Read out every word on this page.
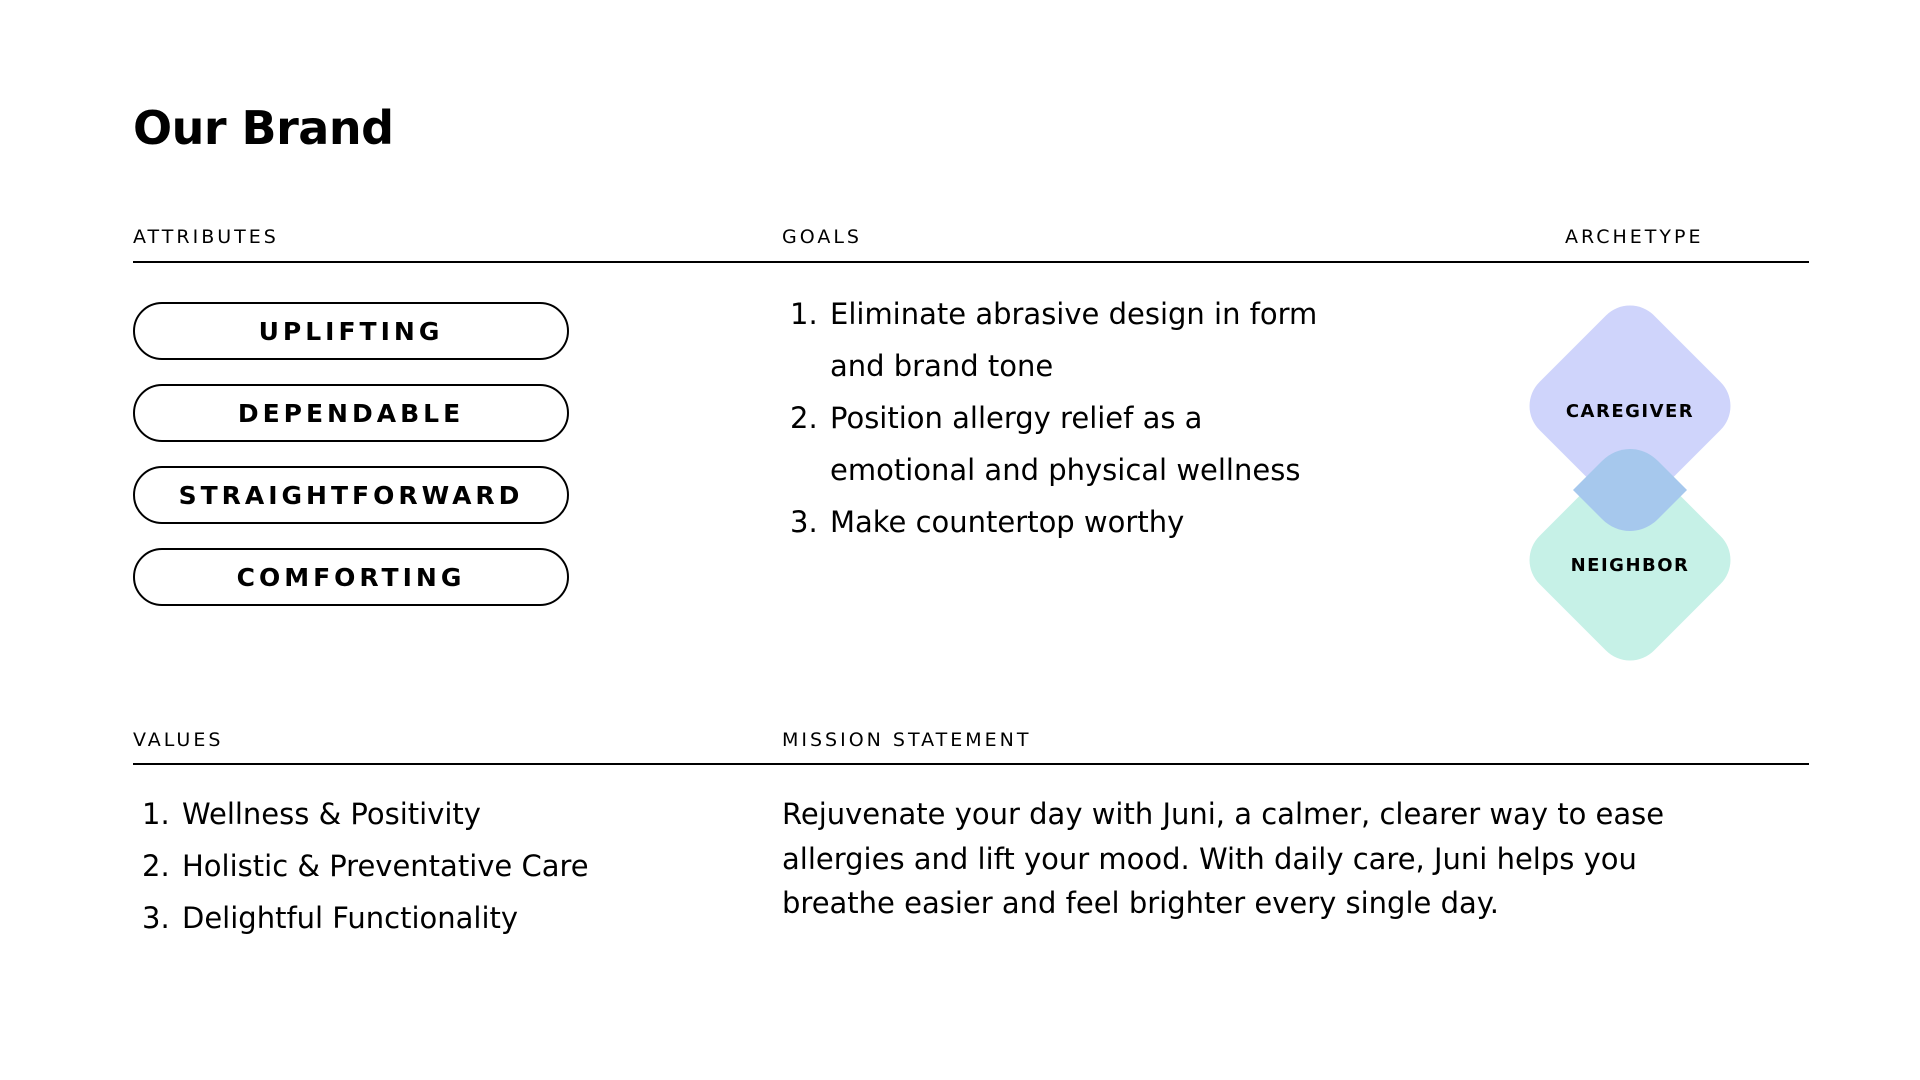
Our Brand
ATTRIBUTES	GOALS	ARCHETYPE
UPLIFTING
DEPENDABLE
STRAIGHTFORWARD
COMFORTING
1. Eliminate abrasive design in form and brand tone
2. Position allergy relief as a emotional and physical wellness
3. Make countertop worthy
CAREGIVER
NEIGHBOR
VALUES	MISSION STATEMENT
1. Wellness & Positivity
2. Holistic & Preventative Care
3. Delightful Functionality

Rejuvenate your day with Juni, a calmer, clearer way to ease allergies and lift your mood. With daily care, Juni helps you breathe easier and feel brighter every single day.
